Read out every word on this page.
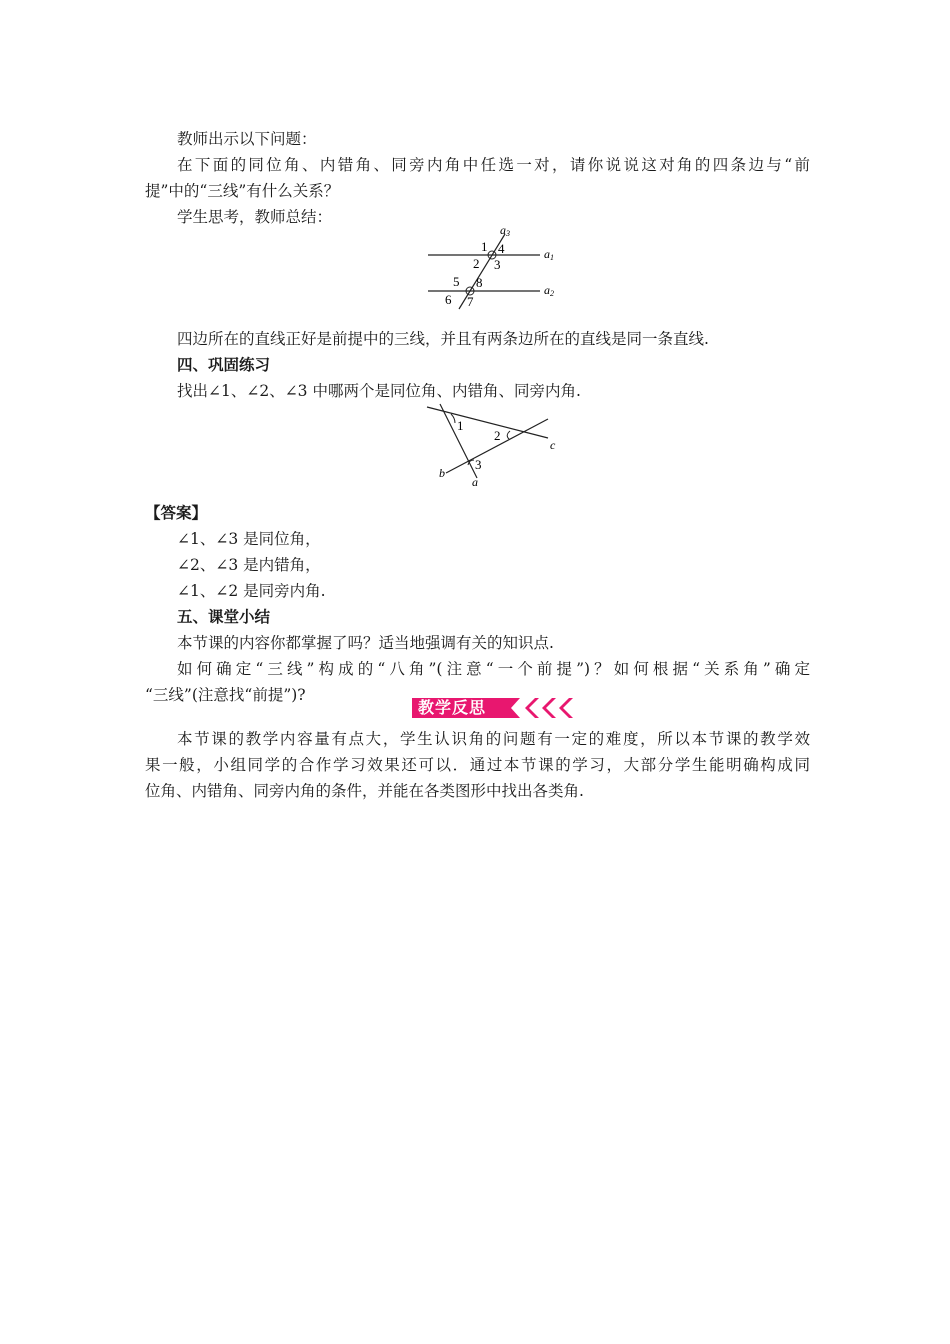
教师出示以下问题：
在下面的同位角、内错角、同旁内角中任选一对，请你说说这对角的四条边与“前
提”中的“三线”有什么关系？
学生思考，教师总结：
1 4
2 3
5 8
6 7
a3
a1
a2
四边所在的直线正好是前提中的三线，并且有两条边所在的直线是同一条直线.
四、巩固练习
找出∠1、∠2、∠3 中哪两个是同位角、内错角、同旁内角.
1
2
3
c
b
a
【答案】
∠1、∠3 是同位角，
∠2、∠3 是内错角，
∠1、∠2 是同旁内角.
五、课堂小结
本节课的内容你都掌握了吗？适当地强调有关的知识点.
如何确定“三线”构成的“八角”(注意“一个前提”)？如何根据“关系角”确定
“三线”(注意找“前提”)?
教学反思
本节课的教学内容量有点大，学生认识角的问题有一定的难度，所以本节课的教学效
果一般，小组同学的合作学习效果还可以．通过本节课的学习，大部分学生能明确构成同
位角、内错角、同旁内角的条件，并能在各类图形中找出各类角.
